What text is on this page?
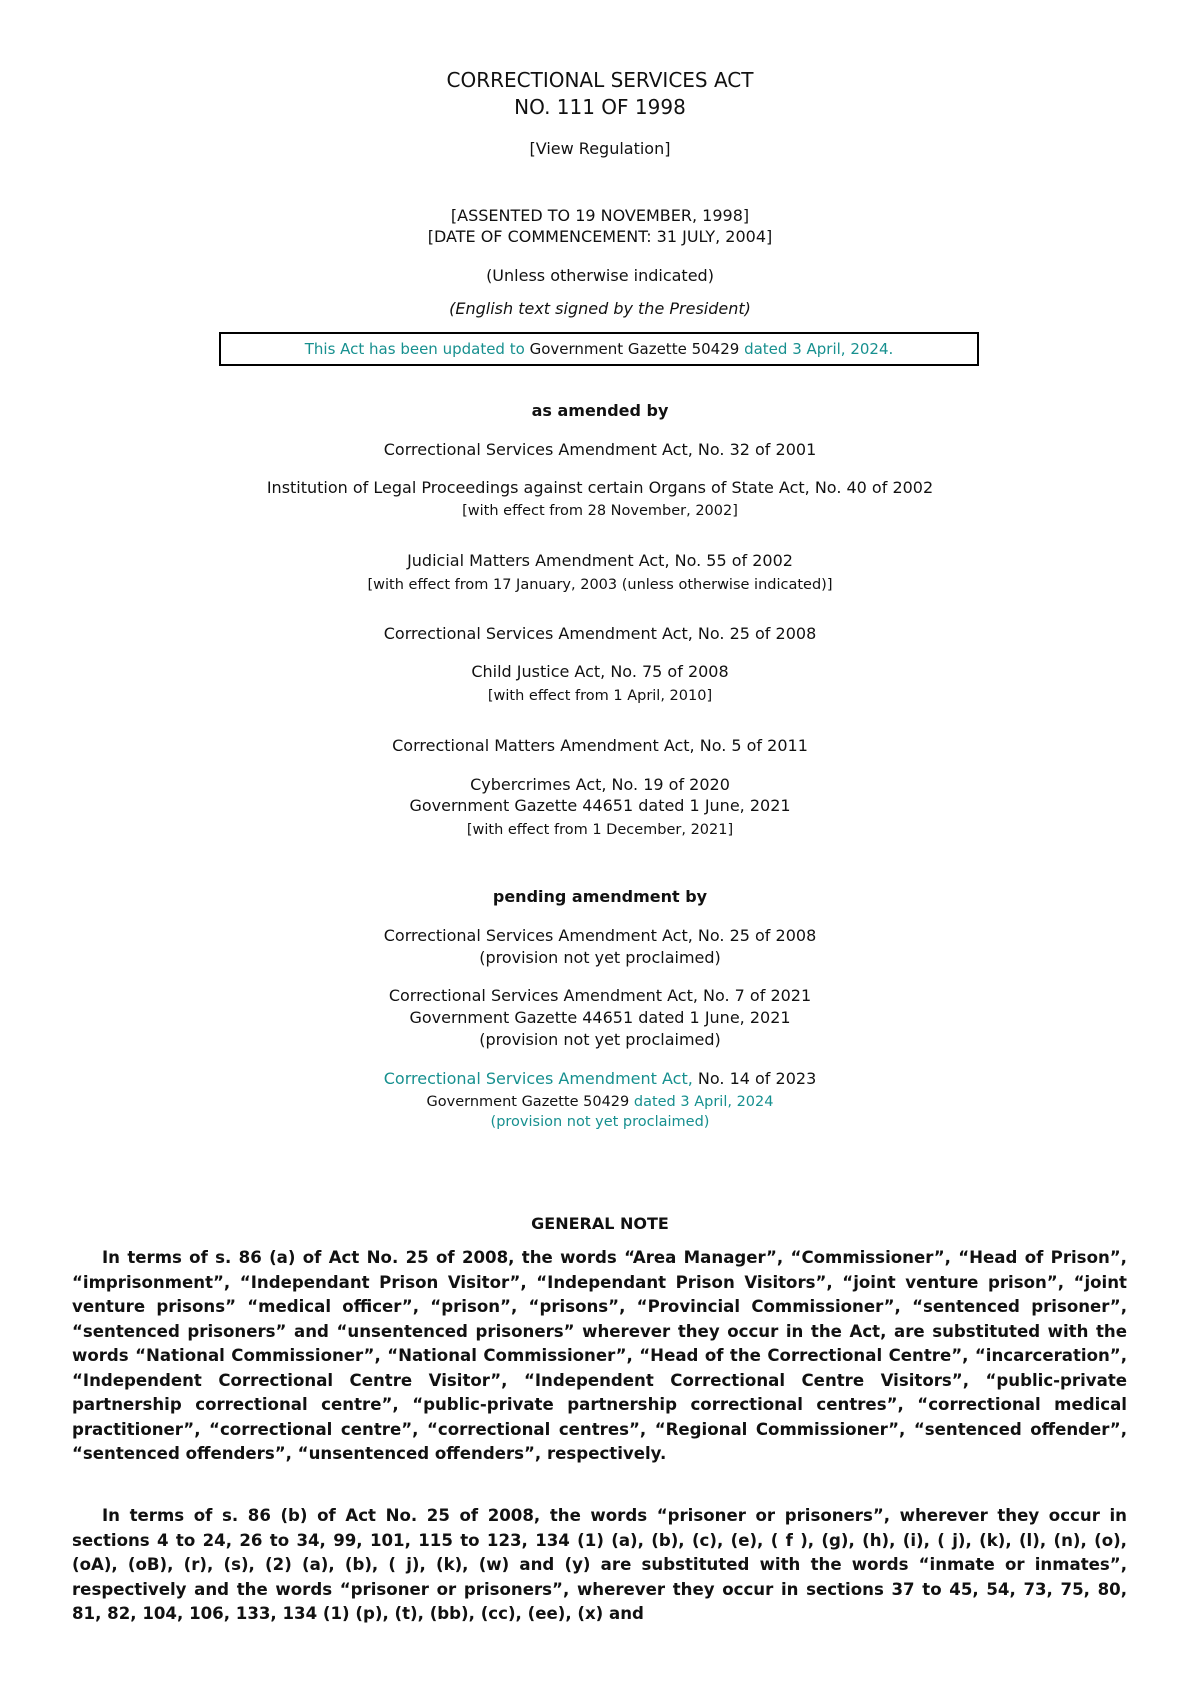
CORRECTIONAL SERVICES ACT
NO. 111 OF 1998
[View Regulation]
[ASSENTED TO 19 NOVEMBER, 1998]
[DATE OF COMMENCEMENT: 31 JULY, 2004]
(Unless otherwise indicated)
(English text signed by the President)
This Act has been updated to Government Gazette 50429 dated 3 April, 2024.
as amended by
Correctional Services Amendment Act, No. 32 of 2001
Institution of Legal Proceedings against certain Organs of State Act, No. 40 of 2002
[with effect from 28 November, 2002]
Judicial Matters Amendment Act, No. 55 of 2002
[with effect from 17 January, 2003 (unless otherwise indicated)]
Correctional Services Amendment Act, No. 25 of 2008
Child Justice Act, No. 75 of 2008
[with effect from 1 April, 2010]
Correctional Matters Amendment Act, No. 5 of 2011
Cybercrimes Act, No. 19 of 2020
Government Gazette 44651 dated 1 June, 2021
[with effect from 1 December, 2021]
pending amendment by
Correctional Services Amendment Act, No. 25 of 2008
(provision not yet proclaimed)
Correctional Services Amendment Act, No. 7 of 2021
Government Gazette 44651 dated 1 June, 2021
(provision not yet proclaimed)
Correctional Services Amendment Act, No. 14 of 2023
Government Gazette 50429 dated 3 April, 2024
(provision not yet proclaimed)
GENERAL NOTE
In terms of s. 86 (a) of Act No. 25 of 2008, the words “Area Manager”, “Commissioner”, “Head of Prison”, “imprisonment”, “Independant Prison Visitor”, “Independant Prison Visitors”, “joint venture prison”, “joint venture prisons” “medical officer”, “prison”, “prisons”, “Provincial Commissioner”, “sentenced prisoner”, “sentenced prisoners” and “unsentenced prisoners” wherever they occur in the Act, are substituted with the words “National Commissioner”, “National Commissioner”, “Head of the Correctional Centre”, “incarceration”, “Independent Correctional Centre Visitor”, “Independent Correctional Centre Visitors”, “public-private partnership correctional centre”, “public-private partnership correctional centres”, “correctional medical practitioner”, “correctional centre”, “correctional centres”, “Regional Commissioner”, “sentenced offender”, “sentenced offenders”, “unsentenced offenders”, respectively.
In terms of s. 86 (b) of Act No. 25 of 2008, the words “prisoner or prisoners”, wherever they occur in sections 4 to 24, 26 to 34, 99, 101, 115 to 123, 134 (1) (a), (b), (c), (e), ( f ), (g), (h), (i), ( j), (k), (l), (n), (o), (oA), (oB), (r), (s), (2) (a), (b), ( j), (k), (w) and (y) are substituted with the words “inmate or inmates”, respectively and the words “prisoner or prisoners”, wherever they occur in sections 37 to 45, 54, 73, 75, 80, 81, 82, 104, 106, 133, 134 (1) (p), (t), (bb), (cc), (ee), (x) and
